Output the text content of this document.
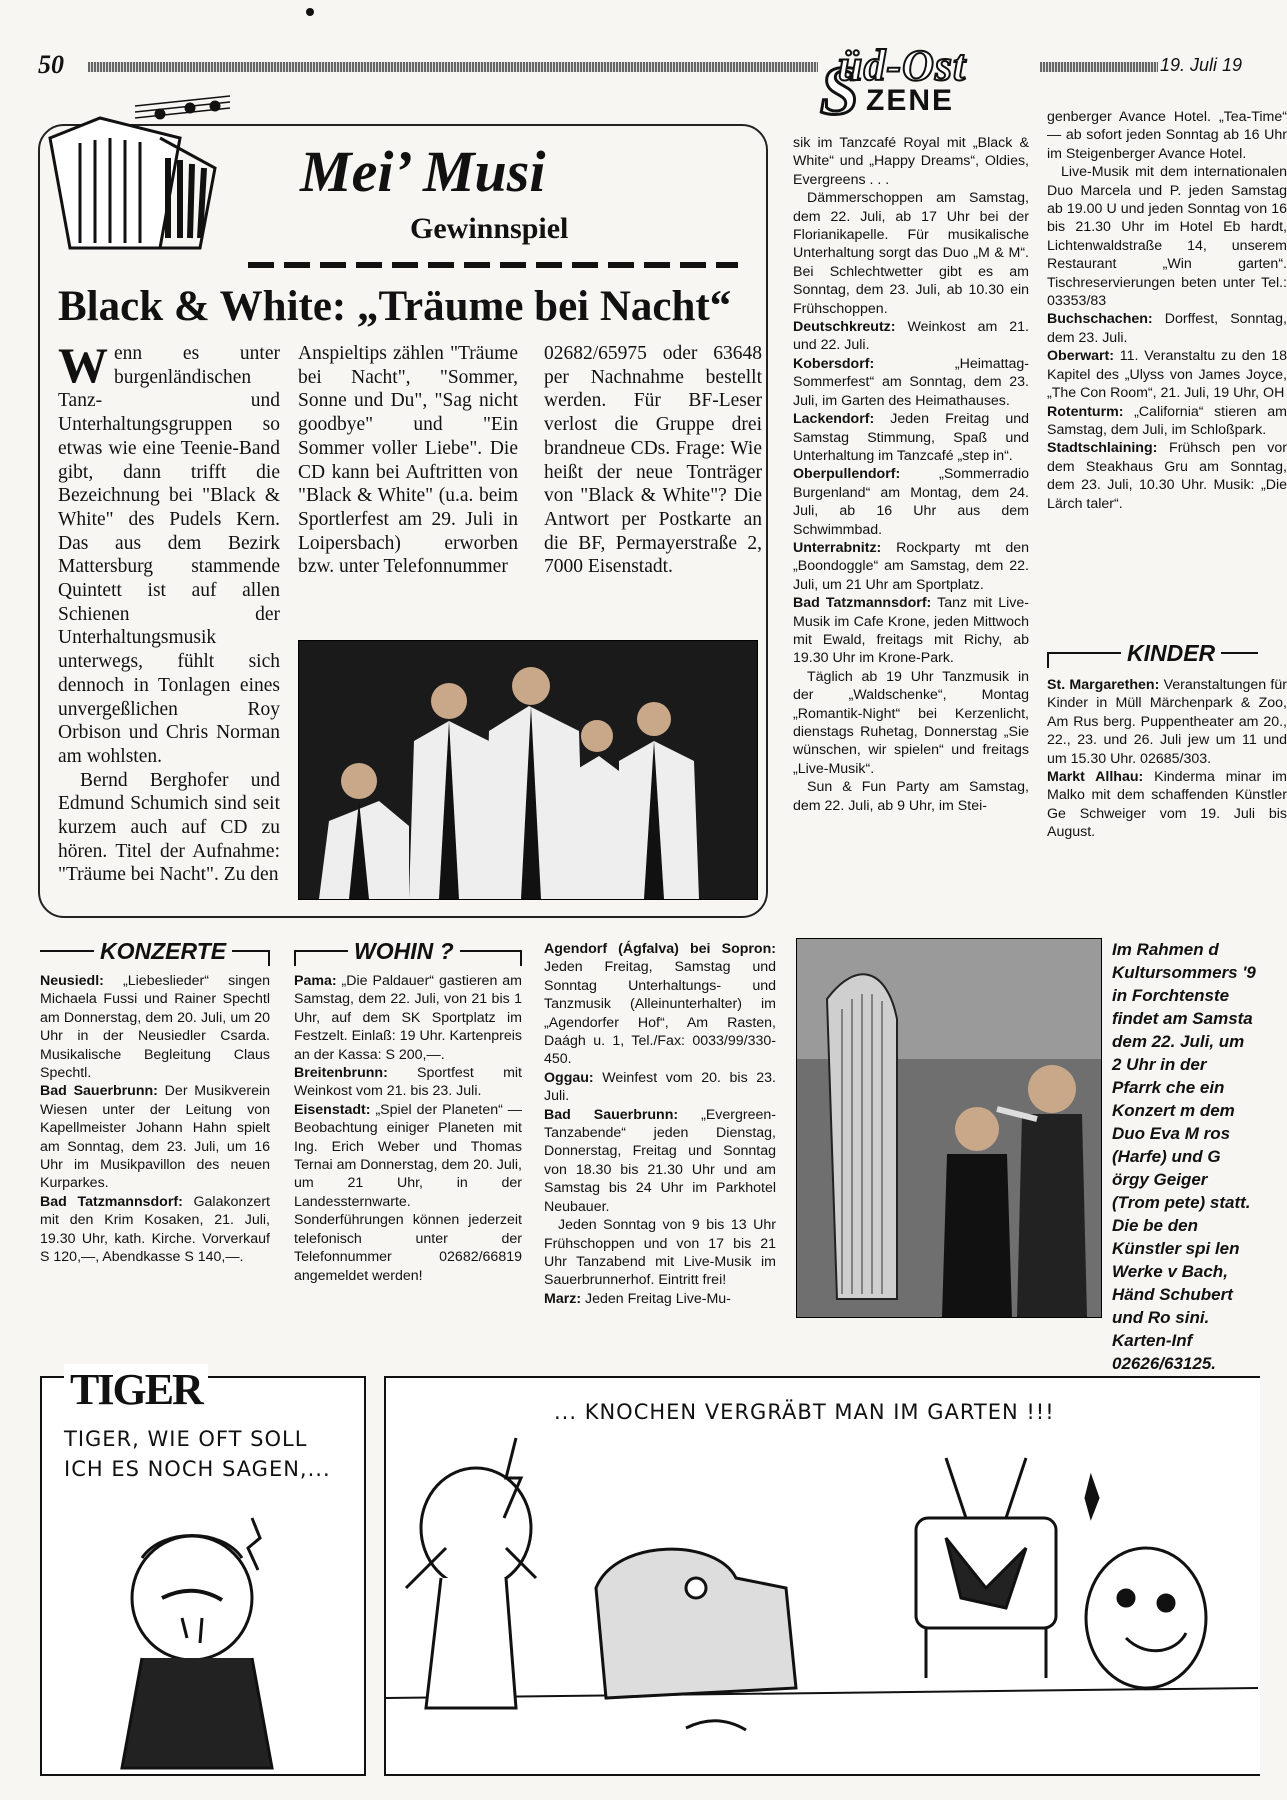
50	S
üd-Ost
ZENE
19. Juli 19
Mei’ Musi
Gewinnspiel
Black & White: „Träume bei Nacht“
Wenn es unter burgenländischen Tanz- und Unterhaltungsgruppen so etwas wie eine Teenie-Band gibt, dann trifft die Bezeichnung bei "Black & White" des Pudels Kern. Das aus dem Bezirk Mattersburg stammende Quintett ist auf allen Schienen der Unterhaltungsmusik unterwegs, fühlt sich dennoch in Tonlagen eines unvergeßlichen Roy Orbison und Chris Norman am wohlsten.
Bernd Berghofer und Edmund Schumich sind seit kurzem auch auf CD zu hören. Titel der Aufnahme: "Träume bei Nacht". Zu den
Anspieltips zählen "Träume bei Nacht", "Sommer, Sonne und Du", "Sag nicht goodbye" und "Ein Sommer voller Liebe". Die CD kann bei Auftritten von "Black & White" (u.a. beim Sportlerfest am 29. Juli in Loipersbach) erworben bzw. unter Telefonnummer
02682/65975 oder 63648 per Nachnahme bestellt werden. Für BF-Leser verlost die Gruppe drei brandneue CDs. Frage: Wie heißt der neue Tonträger von "Black & White"? Die Antwort per Postkarte an die BF, Permayerstraße 2, 7000 Eisenstadt.

sik im Tanzcafé Royal mit „Black & White“ und „Happy Dreams“, Oldies, Evergreens . . .

Dämmerschoppen am Samstag, dem 22. Juli, ab 17 Uhr bei der Florianikapelle. Für musikalische Unterhaltung sorgt das Duo „M & M“. Bei Schlechtwetter gibt es am Sonntag, dem 23. Juli, ab 10.30 ein Frühschoppen.

Deutschkreutz: Weinkost am 21. und 22. Juli.

Kobersdorf: „Heimattag-Sommerfest“ am Sonntag, dem 23. Juli, im Garten des Heimathauses.

Lackendorf: Jeden Freitag und Samstag Stimmung, Spaß und Unterhaltung im Tanzcafé „step in“.

Oberpullendorf: „Sommerradio Burgenland“ am Montag, dem 24. Juli, ab 16 Uhr aus dem Schwimmbad.

Unterrabnitz: Rockparty mt den „Boondoggle“ am Samstag, dem 22. Juli, um 21 Uhr am Sportplatz.

Bad Tatzmannsdorf: Tanz mit Live-Musik im Cafe Krone, jeden Mittwoch mit Ewald, freitags mit Richy, ab 19.30 Uhr im Krone-Park.

Täglich ab 19 Uhr Tanzmusik in der „Waldschenke“, Montag „Romantik-Night“ bei Kerzenlicht, dienstags Ruhetag, Donnerstag „Sie wünschen, wir spielen“ und freitags „Live-Musik“.

Sun & Fun Party am Samstag, dem 22. Juli, ab 9 Uhr, im Stei-

genberger Avance Hotel. „Tea-Time“ — ab sofort jeden Sonntag ab 16 Uhr im Steigenberger Avance Hotel.

Live-Musik mit dem internationalen Duo Marcela und P. jeden Samstag ab 19.00 U und jeden Sonntag von 16 bis 21.30 Uhr im Hotel Eb hardt, Lichtenwaldstraße 14, unserem Restaurant „Win garten“. Tischreservierungen beten unter Tel.: 03353/83

Buchschachen: Dorffest, Sonntag, dem 23. Juli.

Oberwart: 11. Veranstaltu zu den 18 Kapitel des „Ulyss von James Joyce, „The Con Room“, 21. Juli, 19 Uhr, OH

Rotenturm: „California“ stieren am Samstag, dem Juli, im Schloßpark.

Stadtschlaining: Frühsch pen vor dem Steakhaus Gru am Sonntag, dem 23. Juli, 10.30 Uhr. Musik: „Die Lärch taler“.

KINDER

St. Margarethen: Veranstaltungen für Kinder in Müll Märchenpark & Zoo, Am Rus berg. Puppentheater am 20., 22., 23. und 26. Juli jew um 11 und um 15.30 Uhr. 02685/303.

Markt Allhau: Kinderma minar im Malko mit dem schaffenden Künstler Ge Schweiger vom 19. Juli bis August.

KONZERTE

Neusiedl: „Liebeslieder“ singen Michaela Fussi und Rainer Spechtl am Donnerstag, dem 20. Juli, um 20 Uhr in der Neusiedler Csarda. Musikalische Begleitung Claus Spechtl.

Bad Sauerbrunn: Der Musikverein Wiesen unter der Leitung von Kapellmeister Johann Hahn spielt am Sonntag, dem 23. Juli, um 16 Uhr im Musikpavillon des neuen Kurparkes.

Bad Tatzmannsdorf: Galakonzert mit den Krim Kosaken, 21. Juli, 19.30 Uhr, kath. Kirche. Vorverkauf S 120,—, Abendkasse S 140,—.

WOHIN ?

Pama: „Die Paldauer“ gastieren am Samstag, dem 22. Juli, von 21 bis 1 Uhr, auf dem SK Sportplatz im Festzelt. Einlaß: 19 Uhr. Kartenpreis an der Kassa: S 200,—.

Breitenbrunn: Sportfest mit Weinkost vom 21. bis 23. Juli.

Eisenstadt: „Spiel der Planeten“ — Beobachtung einiger Planeten mit Ing. Erich Weber und Thomas Ternai am Donnerstag, dem 20. Juli, um 21 Uhr, in der Landessternwarte. Sonderführungen können jederzeit telefonisch unter der Telefonnummer 02682/66819 angemeldet werden!

Agendorf (Ágfalva) bei Sopron: Jeden Freitag, Samstag und Sonntag Unterhaltungs- und Tanzmusik (Alleinunterhalter) im „Agendorfer Hof“, Am Rasten, Daágh u. 1, Tel./Fax: 0033/99/330-450.

Oggau: Weinfest vom 20. bis 23. Juli.

Bad Sauerbrunn: „Evergreen-Tanzabende“ jeden Dienstag, Donnerstag, Freitag und Sonntag von 18.30 bis 21.30 Uhr und am Samstag bis 24 Uhr im Parkhotel Neubauer.

Jeden Sonntag von 9 bis 13 Uhr Frühschoppen und von 17 bis 21 Uhr Tanzabend mit Live-Musik im Sauerbrunnerhof. Eintritt frei!

Marz: Jeden Freitag Live-Mu-

Im Rahmen d Kultursommers '9 in Forchtenste findet am Samsta dem 22. Juli, um 2 Uhr in der Pfarrk che ein Konzert m dem Duo Eva M ros (Harfe) und G örgy Geiger (Trom pete) statt. Die be den Künstler spi len Werke v Bach, Händ Schubert und Ro sini. Karten-Inf 02626/63125.
TIGER
TIGER, WIE OFT SOLL ICH ES NOCH SAGEN,...
... KNOCHEN VERGRÄBT MAN IM GARTEN !!!
